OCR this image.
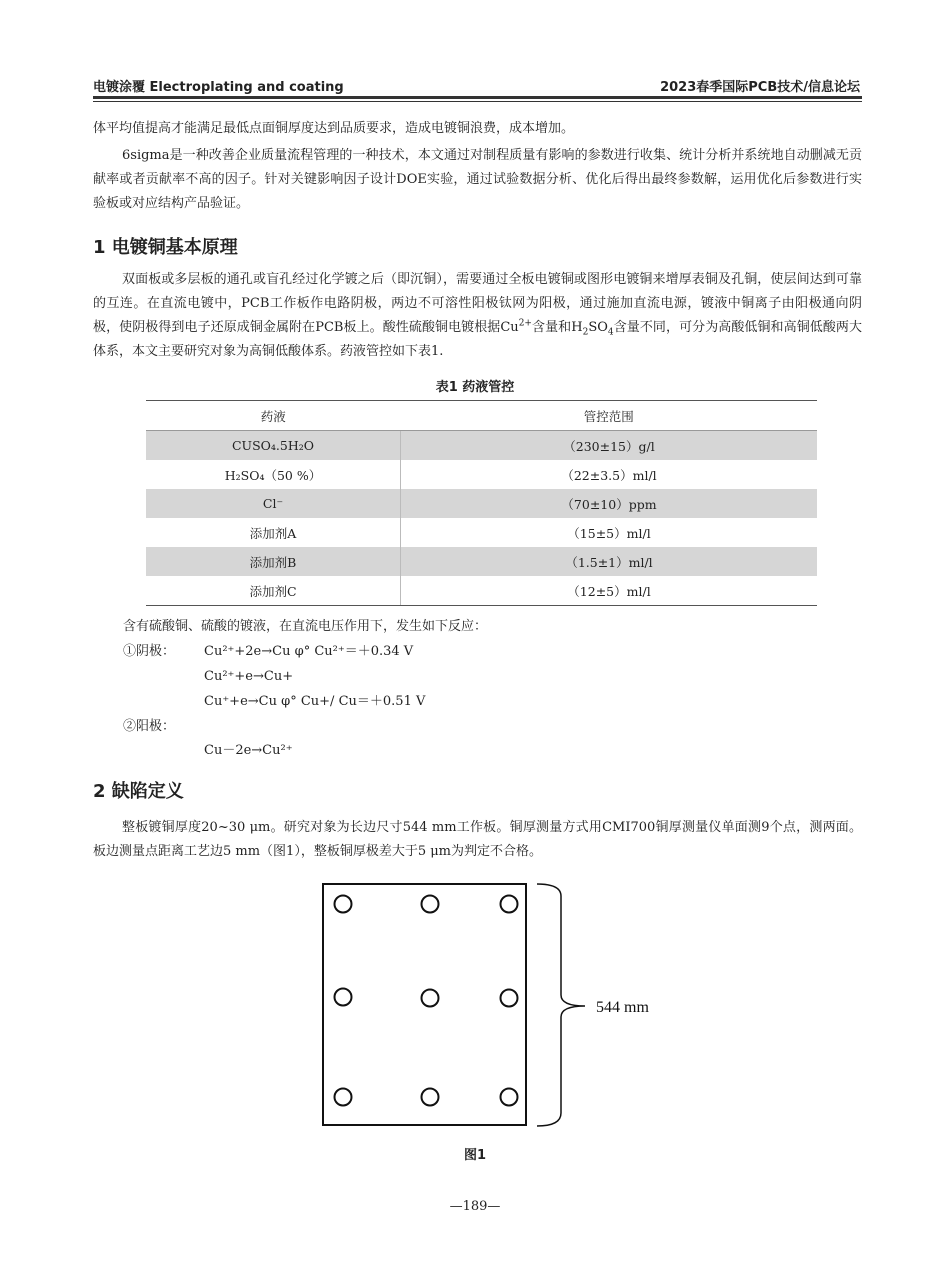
电镀涂覆 Electroplating and coating	2023春季国际PCB技术/信息论坛

体平均值提高才能满足最低点面铜厚度达到品质要求，造成电镀铜浪费，成本增加。

6sigma是一种改善企业质量流程管理的一种技术，本文通过对制程质量有影响的参数进行收集、统计分析并系统地自动删减无贡献率或者贡献率不高的因子。针对关键影响因子设计DOE实验，通过试验数据分析、优化后得出最终参数解，运用优化后参数进行实验板或对应结构产品验证。

1 电镀铜基本原理

双面板或多层板的通孔或盲孔经过化学镀之后（即沉铜），需要通过全板电镀铜或图形电镀铜来增厚表铜及孔铜，使层间达到可靠的互连。在直流电镀中，PCB工作板作电路阴极，两边不可溶性阳极钛网为阳极，通过施加直流电源，镀液中铜离子由阳极通向阴极，使阴极得到电子还原成铜金属附在PCB板上。酸性硫酸铜电镀根据$Cu^{2+}$含量和$H_2SO_4$含量不同，可分为高酸低铜和高铜低酸两大体系，本文主要研究对象为高铜低酸体系。药液管控如下表1.

表1 药液管控
药液	管控范围
CUSO₄.5H₂O	（230±15）g/l
H₂SO₄（50 %）	（22±3.5）ml/l
Cl⁻	（70±10）ppm
添加剂A	（15±5）ml/l
添加剂B	（1.5±1）ml/l
添加剂C	（12±5）ml/l
含有硫酸铜、硫酸的镀液，在直流电压作用下，发生如下反应：
①阴极： Cu²⁺+2e→Cu φ° Cu²⁺＝＋0.34 V
Cu²⁺+e→Cu+
Cu⁺+e→Cu φ° Cu+/ Cu＝＋0.51 V
②阳极：
Cu－2e→Cu²⁺
2 缺陷定义

整板镀铜厚度20~30 μm。研究对象为长边尺寸544 mm工作板。铜厚测量方式用CMI700铜厚测量仪单面测9个点，测两面。板边测量点距离工艺边5 mm（图1），整板铜厚极差大于5 μm为判定不合格。

544 mm
图1
—189—
